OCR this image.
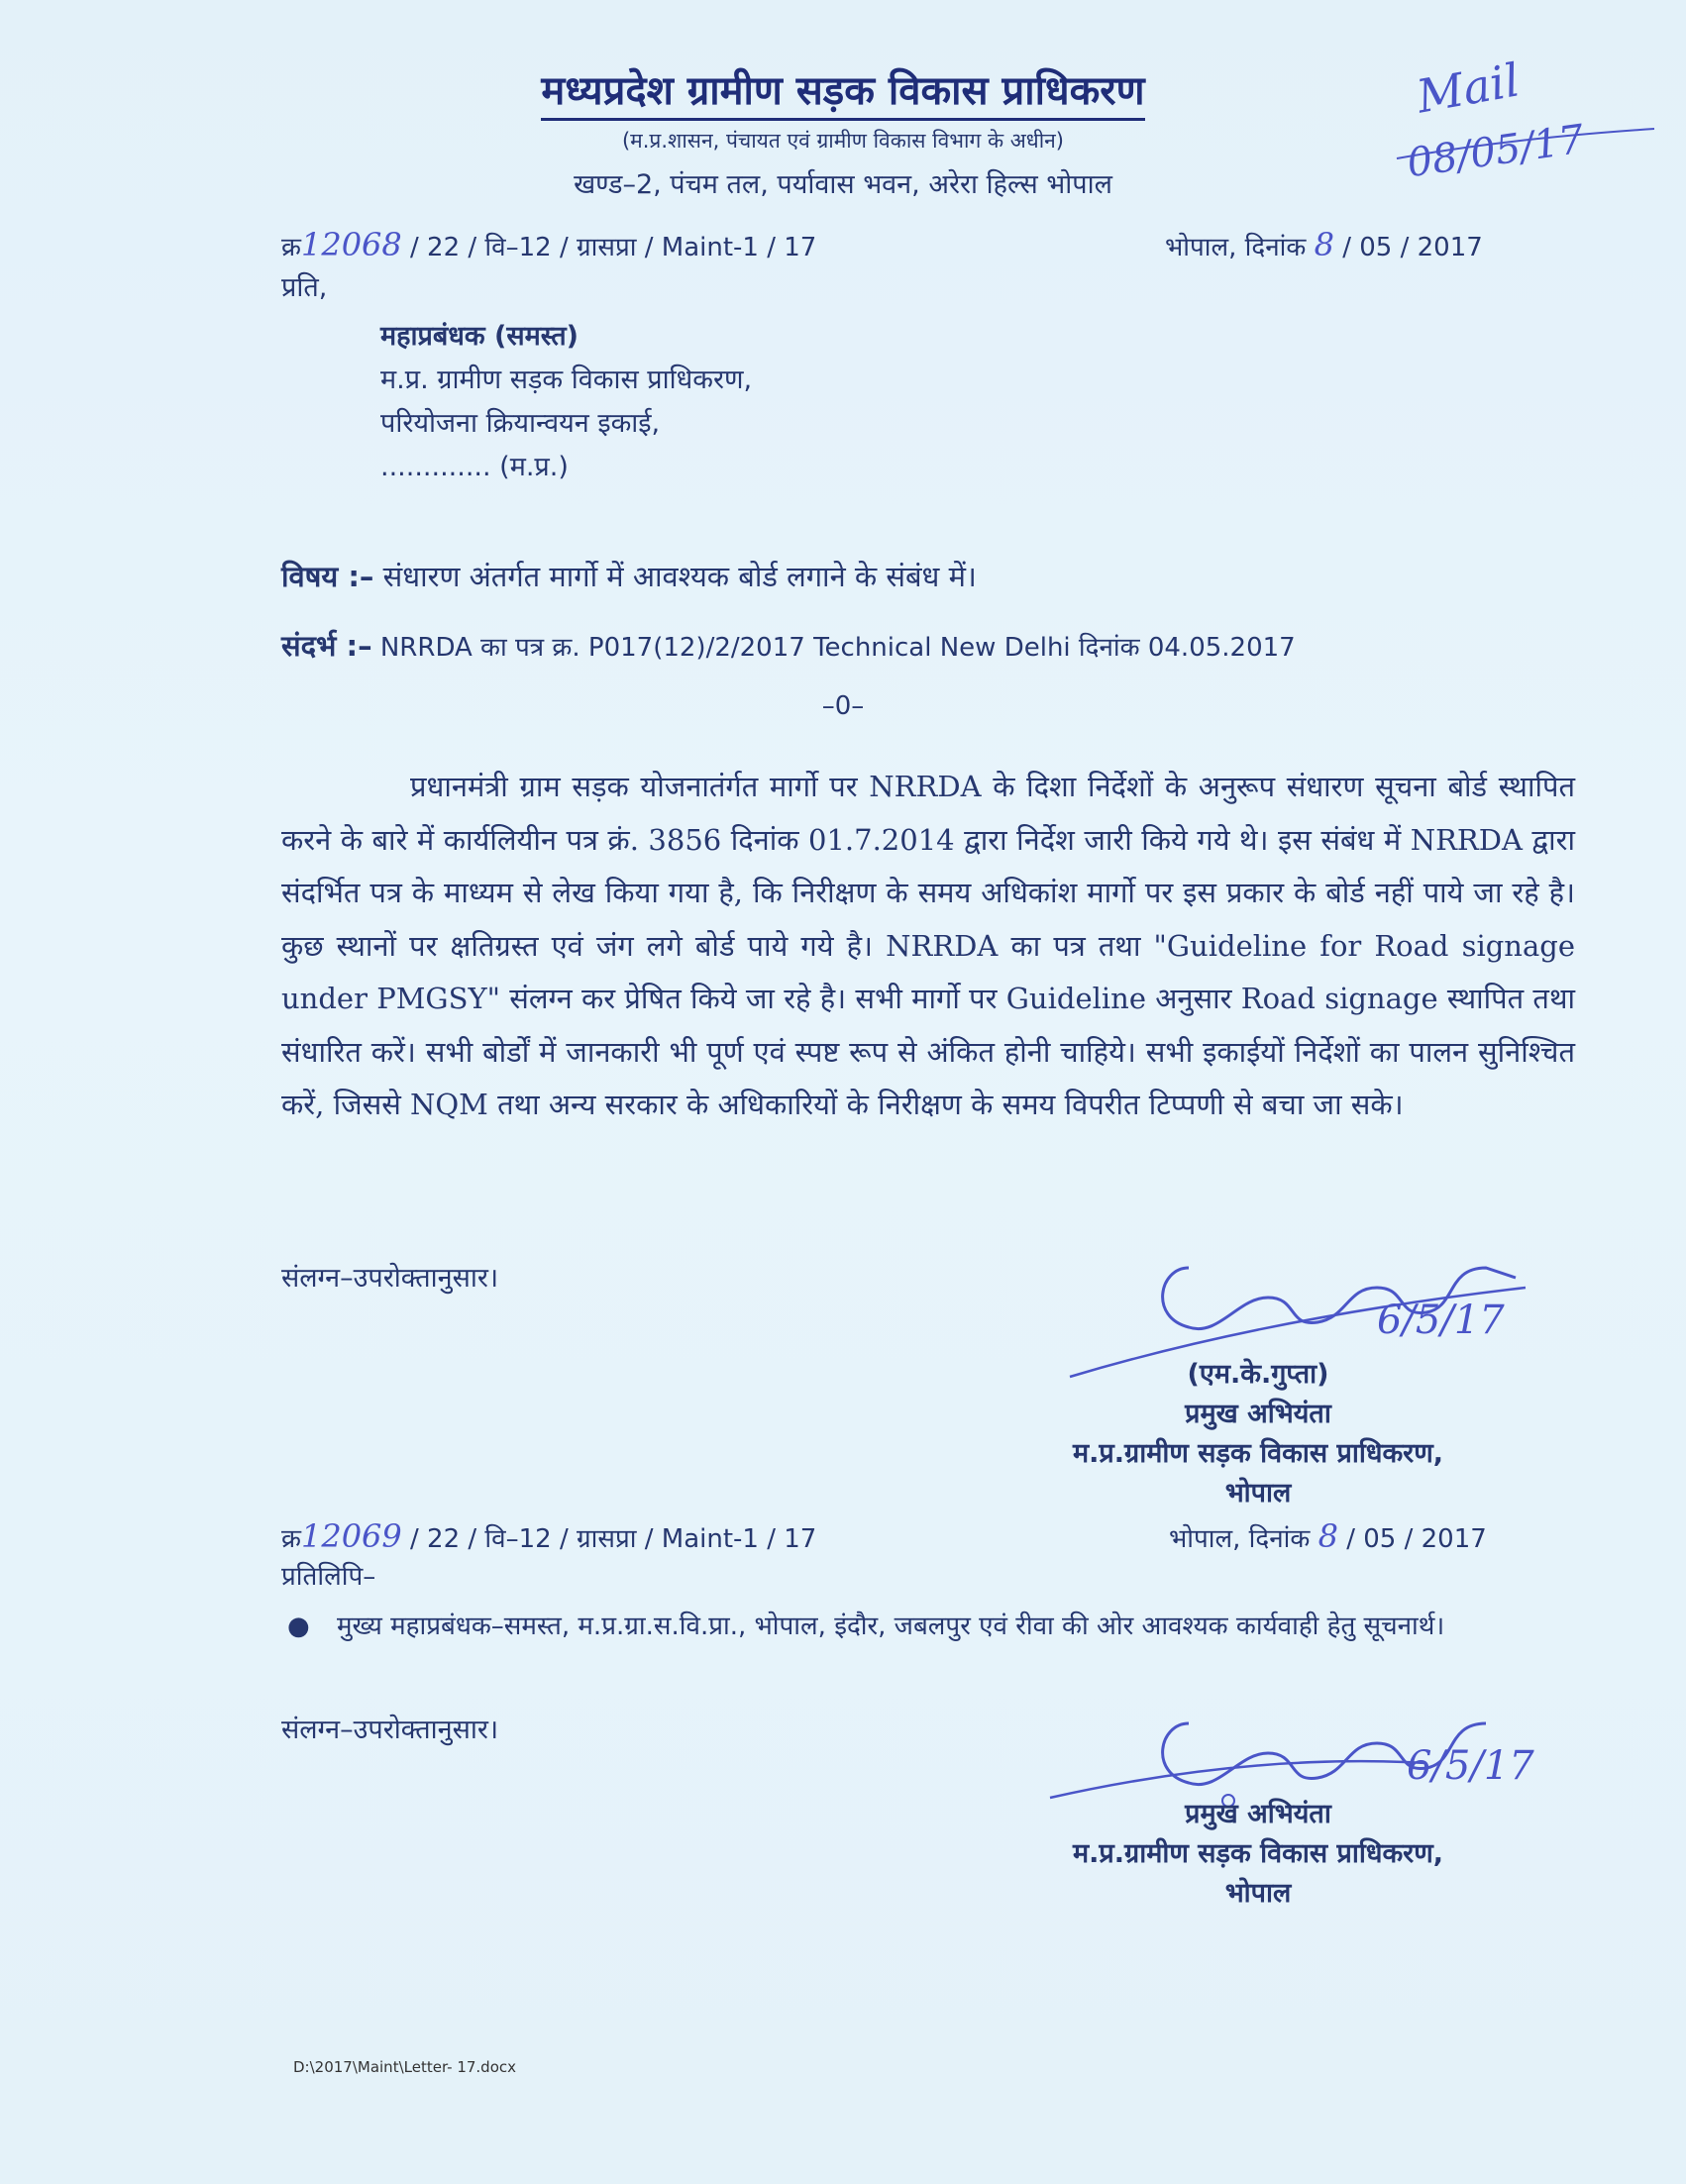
मध्यप्रदेश ग्रामीण सड़क विकास प्राधिकरण
(म.प्र.शासन, पंचायत एवं ग्रामीण विकास विभाग के अधीन)
खण्ड–2, पंचम तल, पर्यावास भवन, अरेरा हिल्स भोपाल
Mail
08/05/17
क्र12068 / 22 / वि–12 / ग्रासप्रा / Maint-1 / 17	भोपाल, दिनांक 8 / 05 / 2017
प्रति,
महाप्रबंधक (समस्त)
म.प्र. ग्रामीण सड़क विकास प्राधिकरण,
परियोजना क्रियान्वयन इकाई,
............. (म.प्र.)
विषय :– संधारण अंतर्गत मार्गो में आवश्यक बोर्ड लगाने के संबंध में।
संदर्भ :– NRRDA का पत्र क्र. P017(12)/2/2017 Technical New Delhi दिनांक 04.05.2017
–0–
प्रधानमंत्री ग्राम सड़क योजनातंर्गत मार्गो पर NRRDA के दिशा निर्देशों के अनुरूप संधारण सूचना बोर्ड स्थापित करने के बारे में कार्यलियीन पत्र क्रं. 3856 दिनांक 01.7.2014 द्वारा निर्देश जारी किये गये थे। इस संबंध में NRRDA द्वारा संदर्भित पत्र के माध्यम से लेख किया गया है, कि निरीक्षण के समय अधिकांश मार्गो पर इस प्रकार के बोर्ड नहीं पाये जा रहे है। कुछ स्थानों पर क्षतिग्रस्त एवं जंग लगे बोर्ड पाये गये है। NRRDA का पत्र तथा "Guideline for Road signage under PMGSY" संलग्न कर प्रेषित किये जा रहे है। सभी मार्गो पर Guideline अनुसार Road signage स्थापित तथा संधारित करें। सभी बोर्डों में जानकारी भी पूर्ण एवं स्पष्ट रूप से अंकित होनी चाहिये। सभी इकाईयों निर्देशों का पालन सुनिश्चित करें, जिससे NQM तथा अन्य सरकार के अधिकारियों के निरीक्षण के समय विपरीत टिप्पणी से बचा जा सके।
संलग्न–उपरोक्तानुसार।
6/5/17
(एम.के.गुप्ता)
प्रमुख अभियंता
म.प्र.ग्रामीण सड़क विकास प्राधिकरण,
भोपाल
क्र12069 / 22 / वि–12 / ग्रासप्रा / Maint-1 / 17	भोपाल, दिनांक 8 / 05 / 2017
प्रतिलिपि–
● मुख्य महाप्रबंधक–समस्त, म.प्र.ग्रा.स.वि.प्रा., भोपाल, इंदौर, जबलपुर एवं रीवा की ओर आवश्यक कार्यवाही हेतु सूचनार्थ।
संलग्न–उपरोक्तानुसार।
6/5/17
प्रमुख अभियंता
म.प्र.ग्रामीण सड़क विकास प्राधिकरण,
भोपाल
D:\2017\Maint\Letter- 17.docx
